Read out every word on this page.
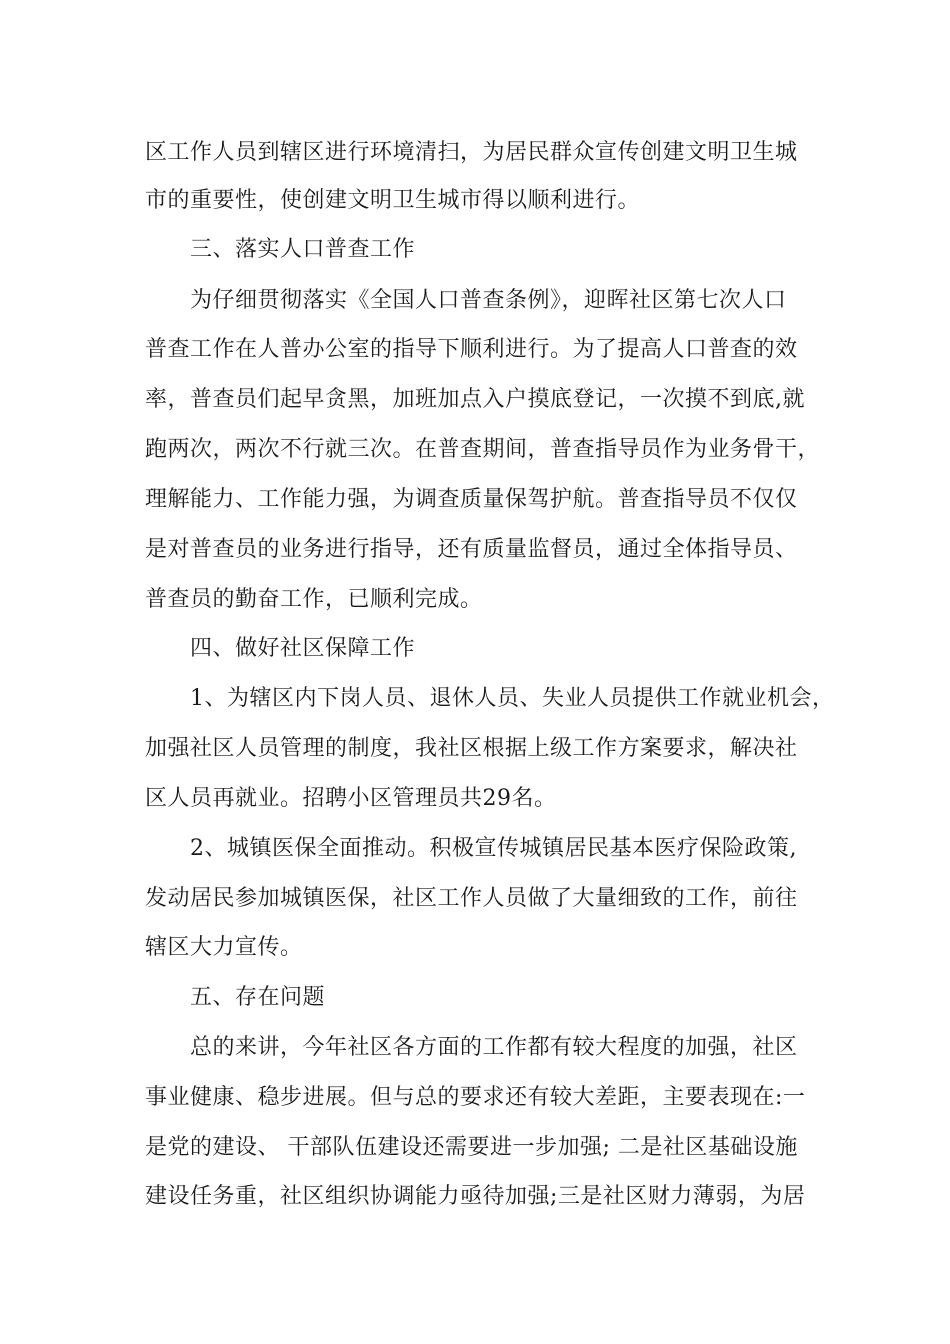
区工作人员到辖区进行环境清扫，为居民群众宣传创建文明卫生城
市的重要性，使创建文明卫生城市得以顺利进行。
三、落实人口普查工作
为仔细贯彻落实《全国人口普查条例》，迎晖社区第七次人口
普查工作在人普办公室的指导下顺利进行。为了提高人口普查的效
率，普查员们起早贪黑，加班加点入户摸底登记，一次摸不到底,就
跑两次，两次不行就三次。在普查期间，普查指导员作为业务骨干，
理解能力、工作能力强，为调查质量保驾护航。普查指导员不仅仅
是对普查员的业务进行指导，还有质量监督员，通过全体指导员、
普查员的勤奋工作，已顺利完成。
四、做好社区保障工作
1、为辖区内下岗人员、退休人员、失业人员提供工作就业机会，
加强社区人员管理的制度，我社区根据上级工作方案要求，解决社
区人员再就业。招聘小区管理员共29名。
2、城镇医保全面推动。积极宣传城镇居民基本医疗保险政策,
发动居民参加城镇医保，社区工作人员做了大量细致的工作，前往
辖区大力宣传。
五、存在问题
总的来讲，今年社区各方面的工作都有较大程度的加强，社区
事业健康、稳步进展。但与总的要求还有较大差距，主要表现在:一
是党的建设、 干部队伍建设还需要进一步加强; 二是社区基础设施
建设任务重，社区组织协调能力亟待加强;三是社区财力薄弱，为居
